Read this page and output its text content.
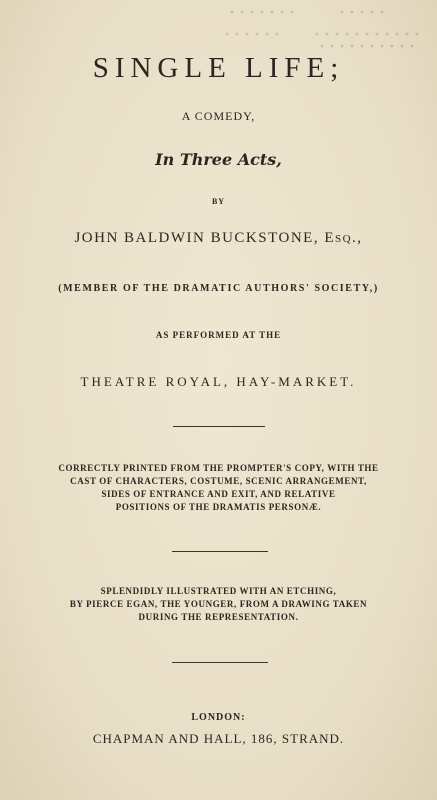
SINGLE LIFE;
A COMEDY,
In Three Acts,
BY
JOHN BALDWIN BUCKSTONE, Esq.,
(MEMBER OF THE DRAMATIC AUTHORS' SOCIETY,)
AS PERFORMED AT THE
THEATRE ROYAL, HAY-MARKET.
CORRECTLY PRINTED FROM THE PROMPTER'S COPY, WITH THE
CAST OF CHARACTERS, COSTUME, SCENIC ARRANGEMENT,
SIDES OF ENTRANCE AND EXIT, AND RELATIVE
POSITIONS OF THE DRAMATIS PERSONÆ.
SPLENDIDLY ILLUSTRATED WITH AN ETCHING,
BY PIERCE EGAN, THE YOUNGER, FROM A DRAWING TAKEN
DURING THE REPRESENTATION.
LONDON:
CHAPMAN AND HALL, 186, STRAND.
